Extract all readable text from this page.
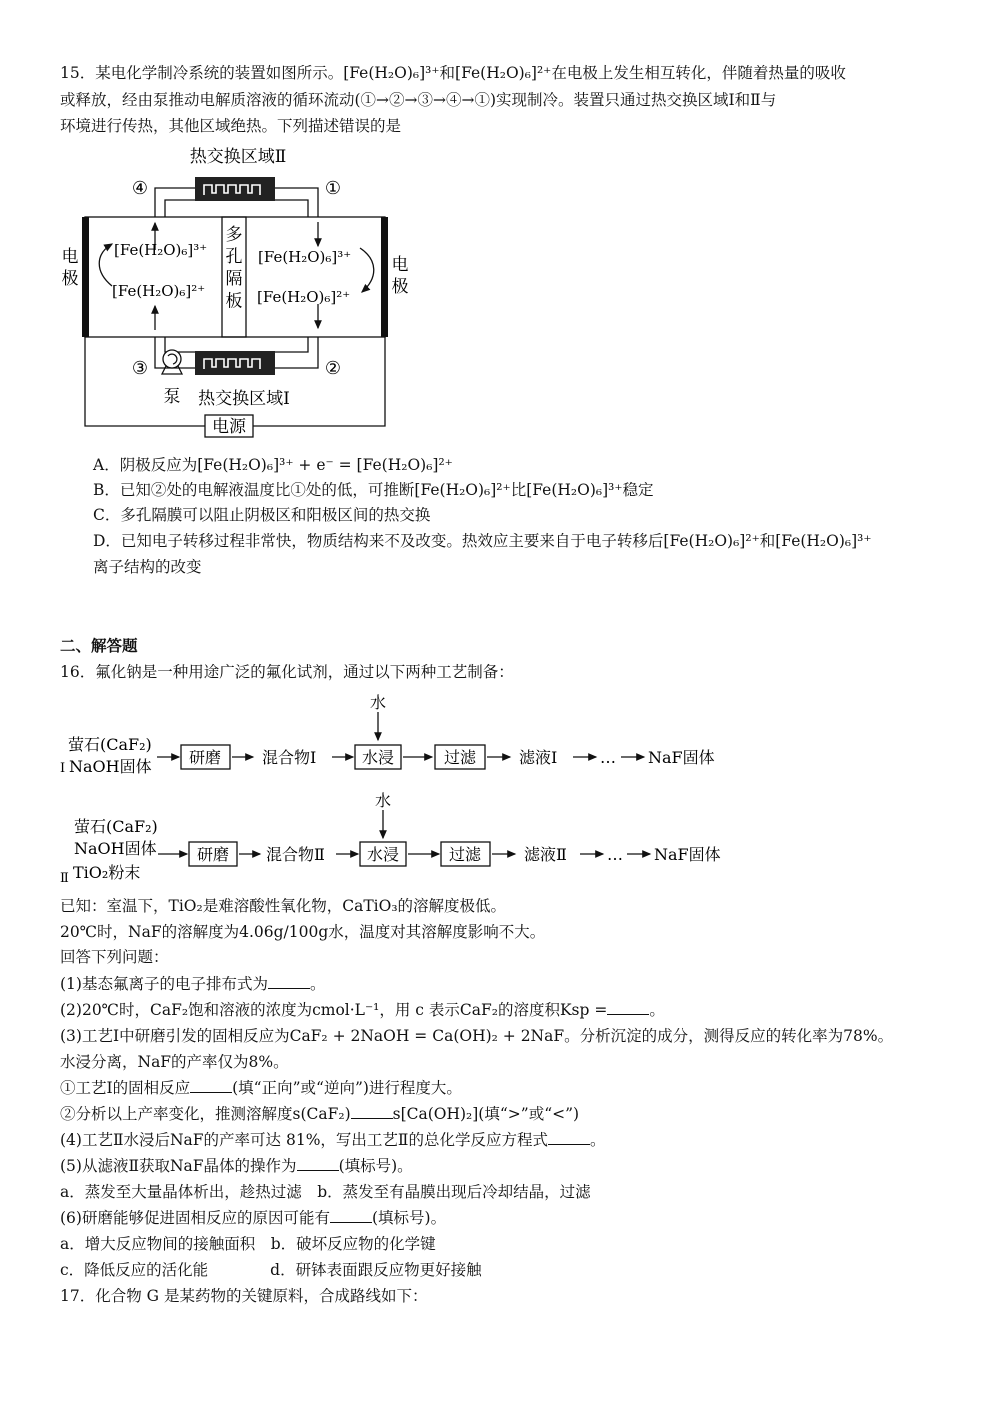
15．某电化学制冷系统的装置如图所示。[Fe(H₂O)₆]³⁺和[Fe(H₂O)₆]²⁺在电极上发生相互转化，伴随着热量的吸收
或释放，经由泵推动电解质溶液的循环流动(①→②→③→④→①)实现制冷。装置只通过热交换区域Ⅰ和Ⅱ与
环境进行传热，其他区域绝热。下列描述错误的是
热交换区域Ⅱ
热交换区域Ⅰ
④	①
③	②
泵
电源
[Fe(H₂O)₆]³⁺
[Fe(H₂O)₆]²⁺
[Fe(H₂O)₆]³⁺
[Fe(H₂O)₆]²⁺
电极
电极
多孔隔板
A．阴极反应为[Fe(H₂O)₆]³⁺ + e⁻ = [Fe(H₂O)₆]²⁺
B．已知②处的电解液温度比①处的低，可推断[Fe(H₂O)₆]²⁺比[Fe(H₂O)₆]³⁺稳定
C．多孔隔膜可以阻止阴极区和阳极区间的热交换
D．已知电子转移过程非常快，物质结构来不及改变。热效应主要来自于电子转移后[Fe(H₂O)₆]²⁺和[Fe(H₂O)₆]³⁺
离子结构的改变
二、解答题
16．氟化钠是一种用途广泛的氟化试剂，通过以下两种工艺制备：
水
萤石(CaF₂)
Ⅰ NaOH固体 研磨	混合物Ⅰ	水浸	过滤	滤液Ⅰ	… NaF固体
水
萤石(CaF₂)
NaOH固体
Ⅱ TiO₂粉末
研磨 混合物Ⅱ	水浸	过滤	滤液Ⅱ	… NaF固体
已知：室温下，TiO₂是难溶酸性氧化物，CaTiO₃的溶解度极低。
20℃时，NaF的溶解度为4.06g/100g水，温度对其溶解度影响不大。
回答下列问题：
(1)基态氟离子的电子排布式为	。
(2)20℃时，CaF₂饱和溶液的浓度为cmol·L⁻¹，用 c 表示CaF₂的溶度积Ksp =	。
(3)工艺Ⅰ中研磨引发的固相反应为CaF₂ + 2NaOH = Ca(OH)₂ + 2NaF。分析沉淀的成分，测得反应的转化率为78%。
水浸分离，NaF的产率仅为8%。
①工艺Ⅰ的固相反应	(填“正向”或“逆向”)进行程度大。
②分析以上产率变化，推测溶解度s(CaF₂)	s[Ca(OH)₂](填“>”或“<”)
(4)工艺Ⅱ水浸后NaF的产率可达 81%，写出工艺Ⅱ的总化学反应方程式	。
(5)从滤液Ⅱ获取NaF晶体的操作为	(填标号)。
a．蒸发至大量晶体析出，趁热过滤　b．蒸发至有晶膜出现后冷却结晶，过滤
(6)研磨能够促进固相反应的原因可能有	(填标号)。
a．增大反应物间的接触面积　b．破坏反应物的化学键
c．降低反应的活化能　　　　d．研钵表面跟反应物更好接触
17．化合物 G 是某药物的关键原料，合成路线如下：
